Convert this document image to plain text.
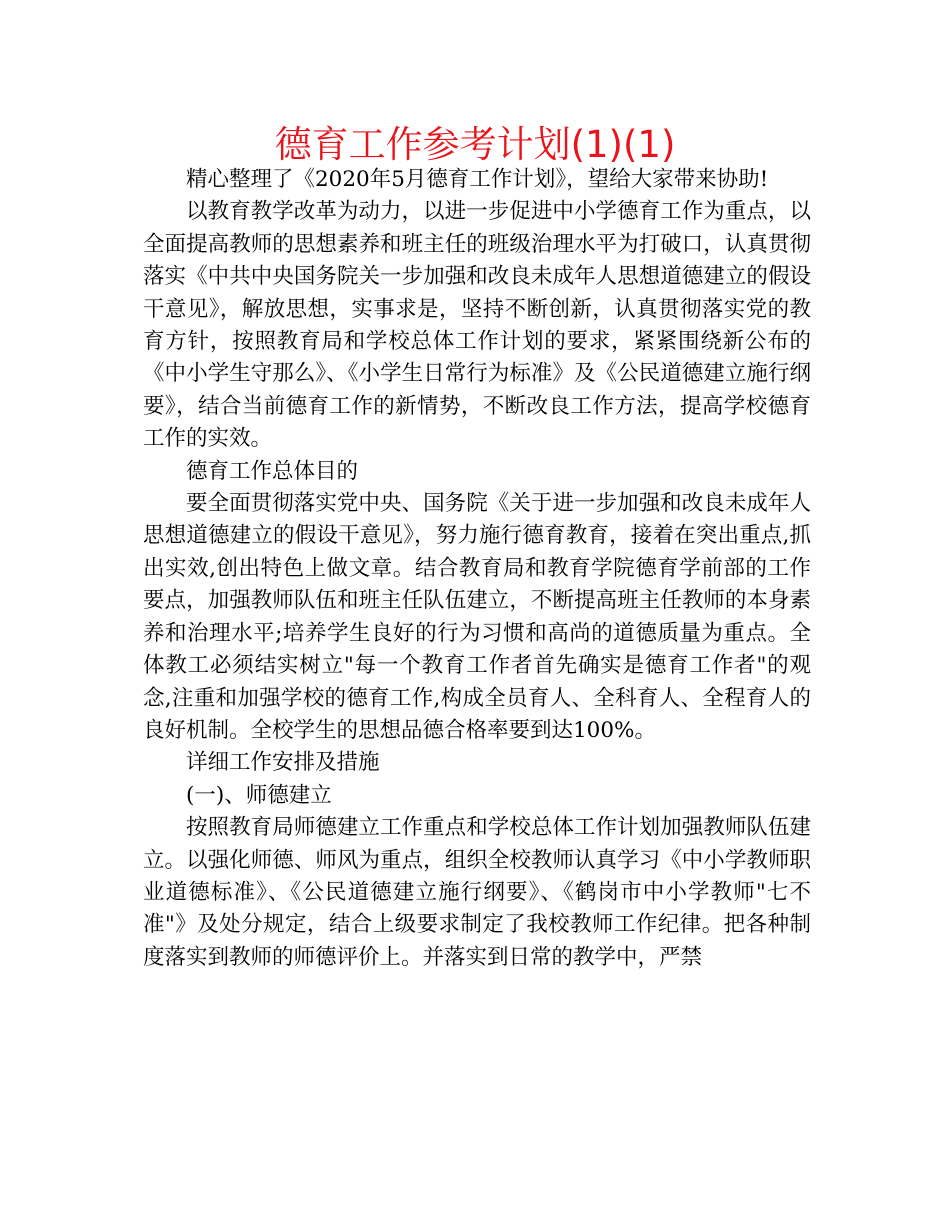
德育工作参考计划(1)(1)

精心整理了《2020年5月德育工作计划》，望给大家带来协助!

以教育教学改革为动力，以进一步促进中小学德育工作为重点，以全面提高教师的思想素养和班主任的班级治理水平为打破口，认真贯彻落实《中共中央国务院关一步加强和改良未成年人思想道德建立的假设干意见》，解放思想，实事求是，坚持不断创新，认真贯彻落实党的教育方针，按照教育局和学校总体工作计划的要求，紧紧围绕新公布的《中小学生守那么》、《小学生日常行为标准》及《公民道德建立施行纲要》，结合当前德育工作的新情势，不断改良工作方法，提高学校德育工作的实效。

德育工作总体目的

要全面贯彻落实党中央、国务院《关于进一步加强和改良未成年人思想道德建立的假设干意见》，努力施行德育教育，接着在突出重点,抓出实效,创出特色上做文章。结合教育局和教育学院德育学前部的工作要点，加强教师队伍和班主任队伍建立，不断提高班主任教师的本身素养和治理水平;培养学生良好的行为习惯和高尚的道德质量为重点。全体教工必须结实树立"每一个教育工作者首先确实是德育工作者"的观念,注重和加强学校的德育工作,构成全员育人、全科育人、全程育人的良好机制。全校学生的思想品德合格率要到达100%。

详细工作安排及措施

(一)、师德建立

按照教育局师德建立工作重点和学校总体工作计划加强教师队伍建立。以强化师德、师风为重点，组织全校教师认真学习《中小学教师职业道德标准》、《公民道德建立施行纲要》、《鹤岗市中小学教师"七不准"》及处分规定，结合上级要求制定了我校教师工作纪律。把各种制度落实到教师的师德评价上。并落实到日常的教学中，严禁
